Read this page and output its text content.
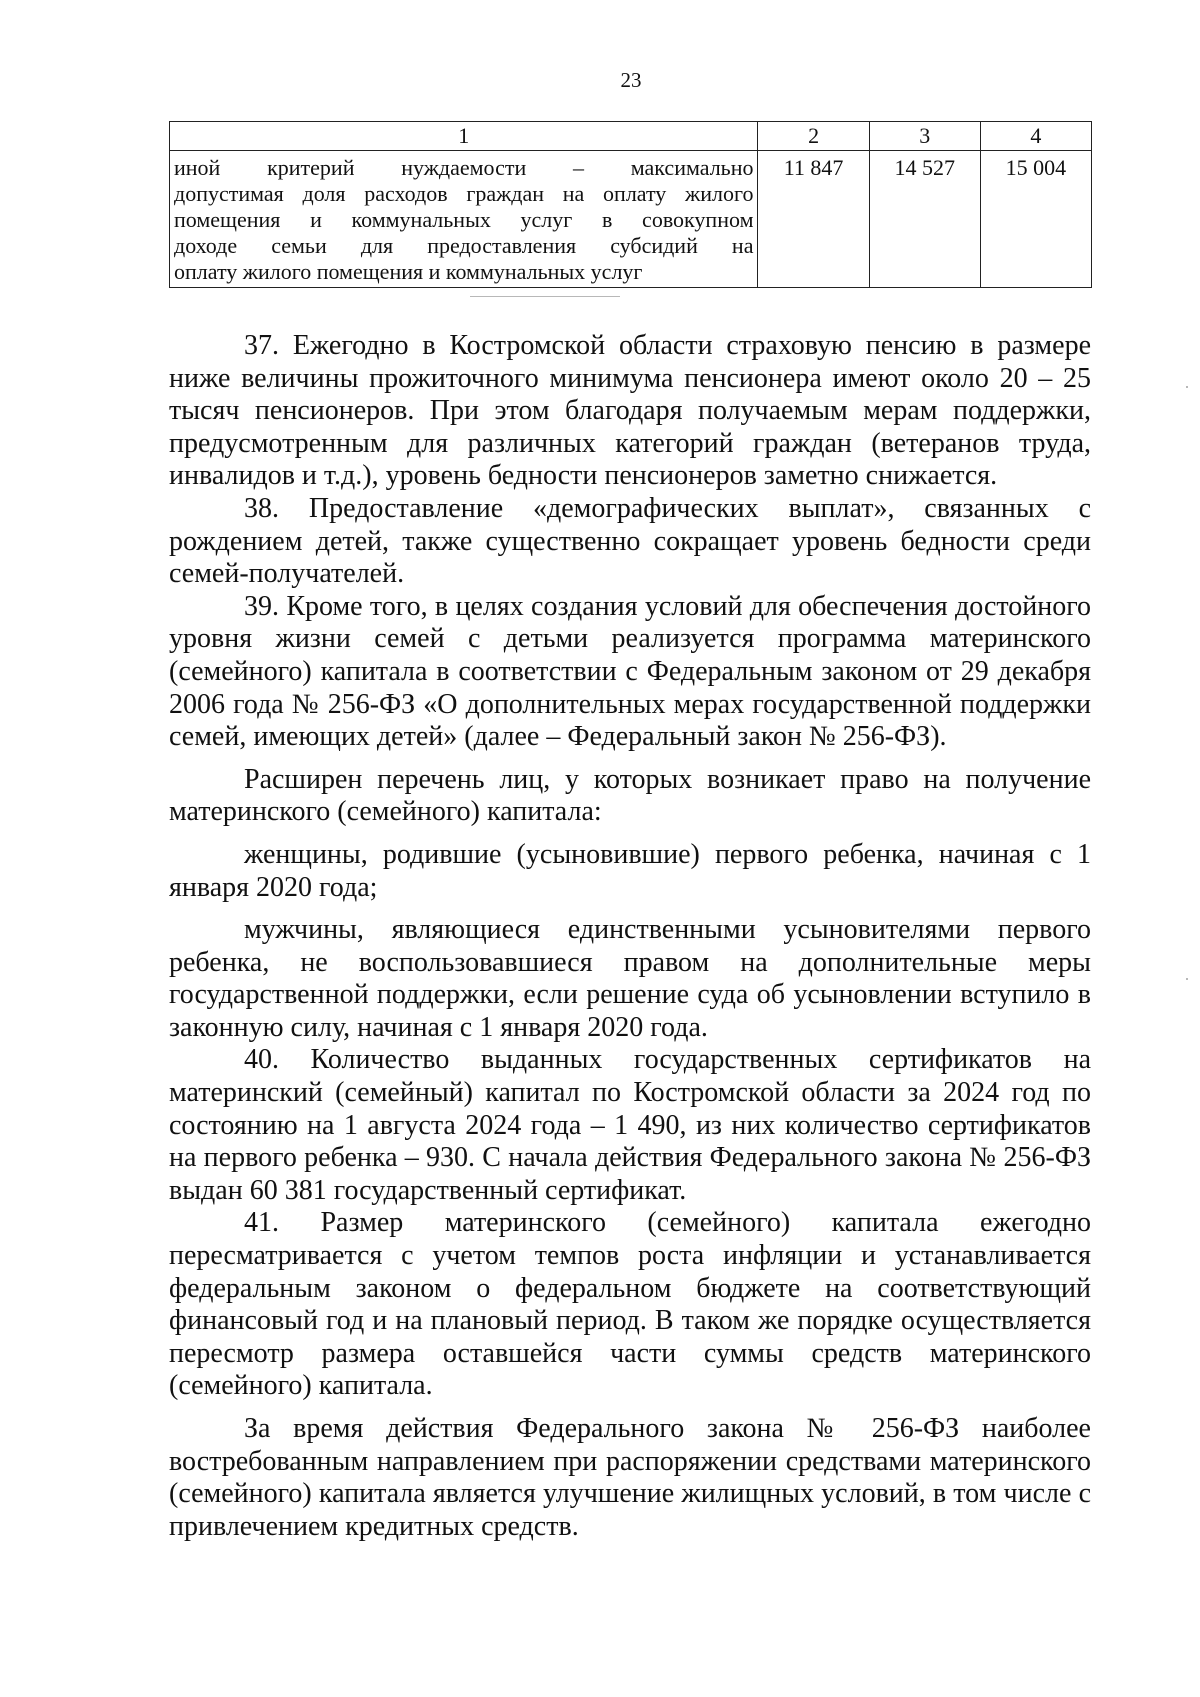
23
1	2	3	4

иной критерий нуждаемости – максимально
допустимая доля расходов граждан на оплату жилого
помещения и коммунальных услуг в совокупном
доходе семьи для предоставления субсидий на
оплату жилого помещения и коммунальных услуг	11 847	14 527	15 004

37. Ежегодно в Костромской области страховую пенсию в размере ниже величины прожиточного минимума пенсионера имеют около 20 – 25 тысяч пенсионеров. При этом благодаря получаемым мерам поддержки, предусмотренным для различных категорий граждан (ветеранов труда, инвалидов и т.д.), уровень бедности пенсионеров заметно снижается.

38. Предоставление «демографических выплат», связанных с рождением детей, также существенно сокращает уровень бедности среди семей-получателей.

39. Кроме того, в целях создания условий для обеспечения достойного уровня жизни семей с детьми реализуется программа материнского (семейного) капитала в соответствии с Федеральным законом от 29 декабря 2006 года № 256-ФЗ «О дополнительных мерах государственной поддержки семей, имеющих детей» (далее – Федеральный закон № 256-ФЗ).

Расширен перечень лиц, у которых возникает право на получение материнского (семейного) капитала:

женщины, родившие (усыновившие) первого ребенка, начиная с 1 января 2020 года;

мужчины, являющиеся единственными усыновителями первого ребенка, не воспользовавшиеся правом на дополнительные меры государственной поддержки, если решение суда об усыновлении вступило в законную силу, начиная с 1 января 2020 года.

40. Количество выданных государственных сертификатов на материнский (семейный) капитал по Костромской области за 2024 год по состоянию на 1 августа 2024 года – 1 490, из них количество сертификатов на первого ребенка – 930. С начала действия Федерального закона № 256-ФЗ выдан 60 381 государственный сертификат.

41. Размер материнского (семейного) капитала ежегодно пересматривается с учетом темпов роста инфляции и устанавливается федеральным законом о федеральном бюджете на соответствующий финансовый год и на плановый период. В таком же порядке осуществляется пересмотр размера оставшейся части суммы средств материнского (семейного) капитала.

За время действия Федерального закона № 256-ФЗ наиболее востребованным направлением при распоряжении средствами материнского (семейного) капитала является улучшение жилищных условий, в том числе с привлечением кредитных средств.
